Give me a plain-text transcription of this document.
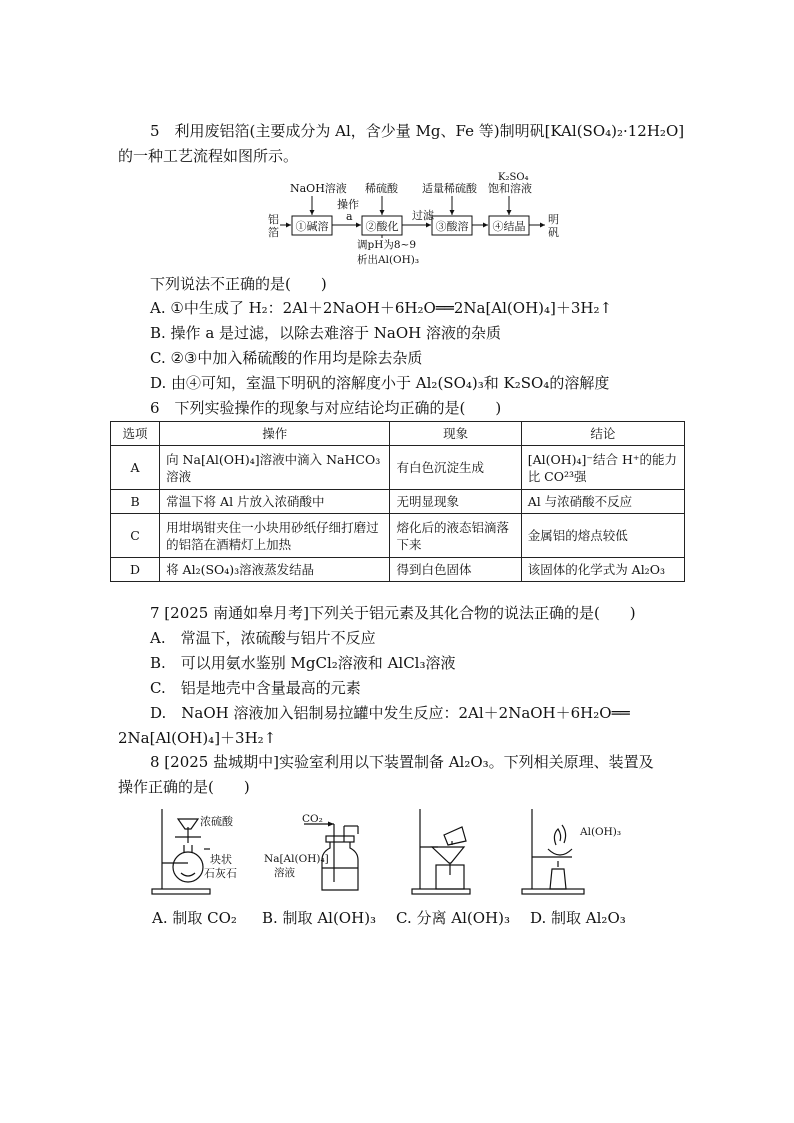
5　利用废铝箔(主要成分为 Al，含少量 Mg、Fe 等)制明矾[KAl(SO₄)₂·12H₂O]
的一种工艺流程如图所示。
铝
箔
NaOH溶液 稀硫酸 适量稀硫酸
K₂SO₄
饱和溶液
操作
a	过滤
调pH为8~9
析出Al(OH)₃
明
矾
①碱溶	②酸化	③酸溶 ④结晶
下列说法不正确的是(　　)
A. ①中生成了 H₂：2Al＋2NaOH＋6H₂O══2Na[Al(OH)₄]＋3H₂↑
B. 操作 a 是过滤，以除去难溶于 NaOH 溶液的杂质
C. ②③中加入稀硫酸的作用均是除去杂质
D. 由④可知，室温下明矾的溶解度小于 Al₂(SO₄)₃和 K₂SO₄的溶解度
6　下列实验操作的现象与对应结论均正确的是(　　)
选项	操作	现象	结论
A	向 Na[Al(OH)₄]溶液中滴入 NaHCO₃溶液	有白色沉淀生成	[Al(OH)₄]⁻结合 H⁺的能力比 CO²³强
B	常温下将 Al 片放入浓硝酸中	无明显现象	Al 与浓硝酸不反应
C	用坩埚钳夹住一小块用砂纸仔细打磨过的铝箔在酒精灯上加热	熔化后的液态铝滴落下来	金属铝的熔点较低
D	将 Al₂(SO₄)₃溶液蒸发结晶	得到白色固体	该固体的化学式为 Al₂O₃
7 [2025 南通如皋月考]下列关于铝元素及其化合物的说法正确的是(　　)
A.　常温下，浓硫酸与铝片不反应
B.　可以用氨水鉴别 MgCl₂溶液和 AlCl₃溶液
C.　铝是地壳中含量最高的元素
D.　NaOH 溶液加入铝制易拉罐中发生反应：2Al＋2NaOH＋6H₂O══
2Na[Al(OH)₄]＋3H₂↑
8 [2025 盐城期中]实验室利用以下装置制备 Al₂O₃。下列相关原理、装置及
操作正确的是(　　)
浓硫酸
块状
石灰石
CO₂
Na[Al(OH)₄]
溶液
Al(OH)₃
A. 制取 CO₂ B. 制取 Al(OH)₃ C. 分离 Al(OH)₃ D. 制取 Al₂O₃
